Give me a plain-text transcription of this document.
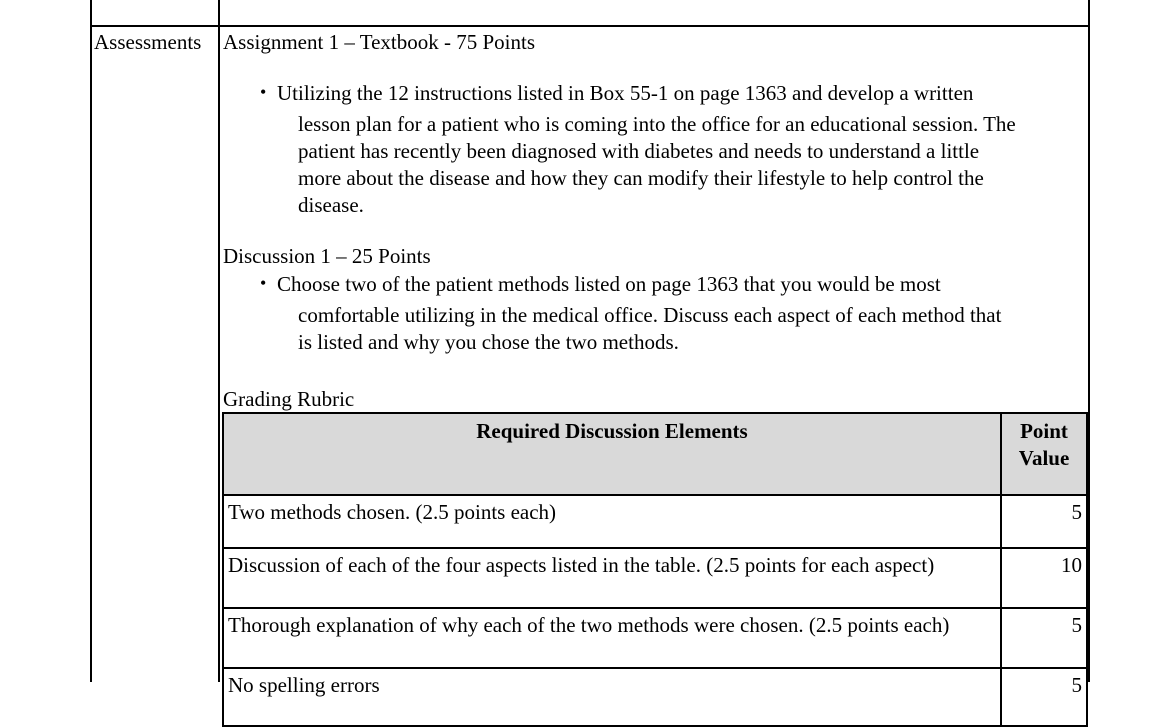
Assessments Assignment 1 – Textbook - 75 Points
• Utilizing the 12 instructions listed in Box 55-1 on page 1363 and develop a written
lesson plan for a patient who is coming into the office for an educational session. The
patient has recently been diagnosed with diabetes and needs to understand a little
more about the disease and how they can modify their lifestyle to help control the
disease.
Discussion 1 – 25 Points
• Choose two of the patient methods listed on page 1363 that you would be most
comfortable utilizing in the medical office. Discuss each aspect of each method that
is listed and why you chose the two methods.
Grading Rubric
Required Discussion Elements	Point
Value
Two methods chosen. (2.5 points each)	5
Discussion of each of the four aspects listed in the table. (2.5 points for each aspect)	10
Thorough explanation of why each of the two methods were chosen. (2.5 points each)	5
No spelling errors	5
